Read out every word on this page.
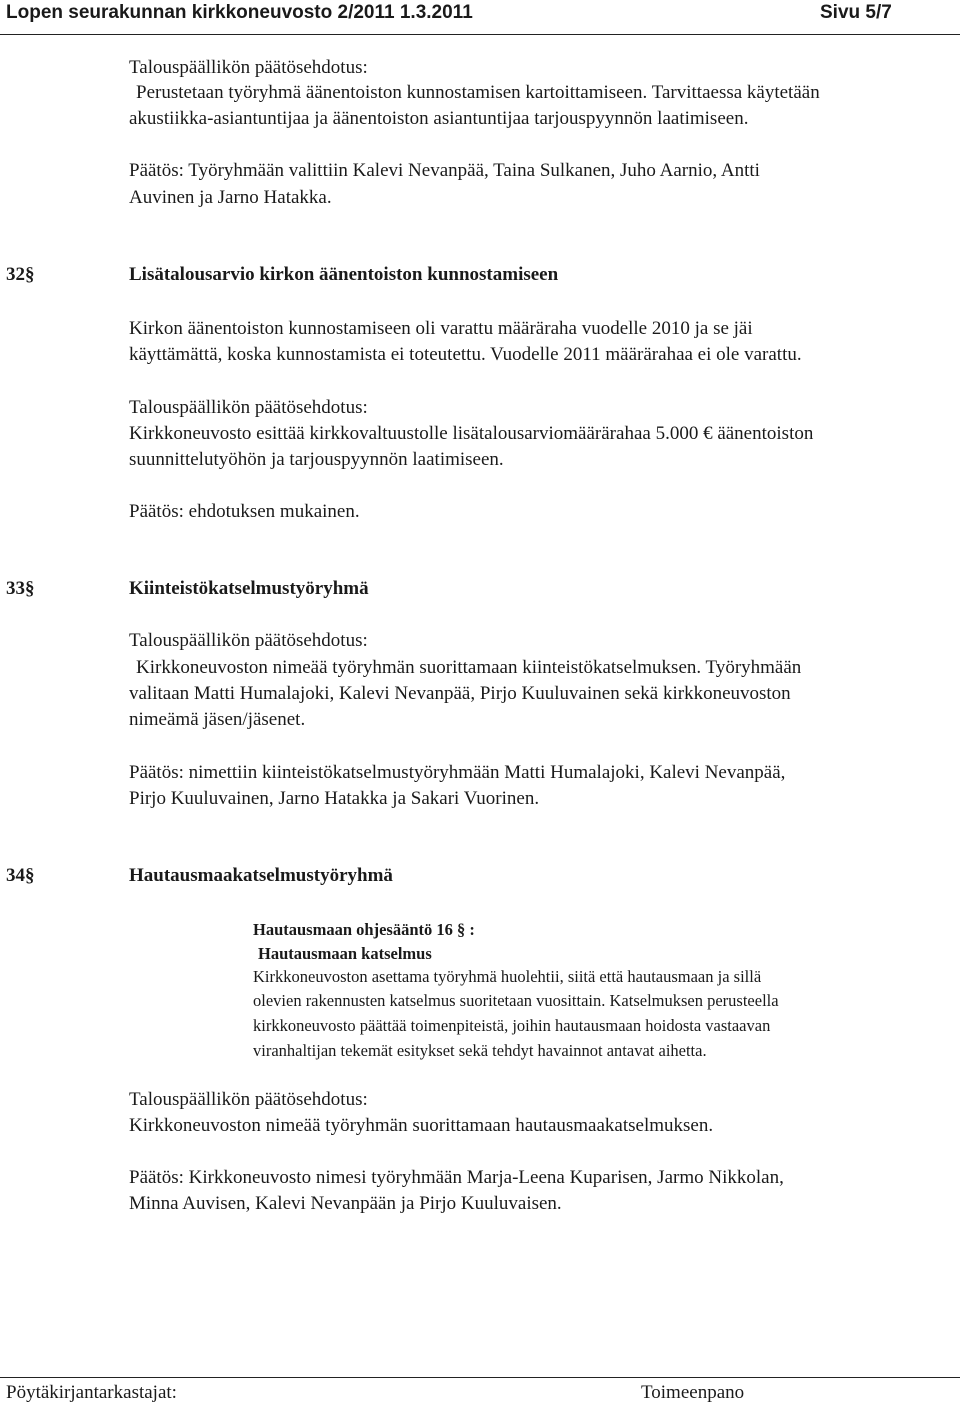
Lopen seurakunnan kirkkoneuvosto 2/2011 1.3.2011	Sivu 5/7
Talouspäällikön päätösehdotus:
Perustetaan työryhmä äänentoiston kunnostamisen kartoittamiseen. Tarvittaessa käytetään
akustiikka-asiantuntijaa ja äänentoiston asiantuntijaa tarjouspyynnön laatimiseen.
Päätös: Työryhmään valittiin Kalevi Nevanpää, Taina Sulkanen, Juho Aarnio, Antti
Auvinen ja Jarno Hatakka.
32§	Lisätalousarvio kirkon äänentoiston kunnostamiseen
Kirkon äänentoiston kunnostamiseen oli varattu määräraha vuodelle 2010 ja se jäi
käyttämättä, koska kunnostamista ei toteutettu. Vuodelle 2011 määrärahaa ei ole varattu.
Talouspäällikön päätösehdotus:
Kirkkoneuvosto esittää kirkkovaltuustolle lisätalousarviomäärärahaa 5.000 € äänentoiston
suunnittelutyöhön ja tarjouspyynnön laatimiseen.
Päätös: ehdotuksen mukainen.
33§	Kiinteistökatselmustyöryhmä
Talouspäällikön päätösehdotus:
Kirkkoneuvoston nimeää työryhmän suorittamaan kiinteistökatselmuksen. Työryhmään
valitaan Matti Humalajoki, Kalevi Nevanpää, Pirjo Kuuluvainen sekä kirkkoneuvoston
nimeämä jäsen/jäsenet.
Päätös: nimettiin kiinteistökatselmustyöryhmään Matti Humalajoki, Kalevi Nevanpää,
Pirjo Kuuluvainen, Jarno Hatakka ja Sakari Vuorinen.
34§	Hautausmaakatselmustyöryhmä
Hautausmaan ohjesääntö 16 § :
Hautausmaan katselmus
Kirkkoneuvoston asettama työryhmä huolehtii, siitä että hautausmaan ja sillä
olevien rakennusten katselmus suoritetaan vuosittain. Katselmuksen perusteella
kirkkoneuvosto päättää toimenpiteistä, joihin hautausmaan hoidosta vastaavan
viranhaltijan tekemät esitykset sekä tehdyt havainnot antavat aihetta.
Talouspäällikön päätösehdotus:
Kirkkoneuvoston nimeää työryhmän suorittamaan hautausmaakatselmuksen.
Päätös: Kirkkoneuvosto nimesi työryhmään Marja-Leena Kuparisen, Jarmo Nikkolan,
Minna Auvisen, Kalevi Nevanpään ja Pirjo Kuuluvaisen.
Pöytäkirjantarkastajat:	Toimeenpano
